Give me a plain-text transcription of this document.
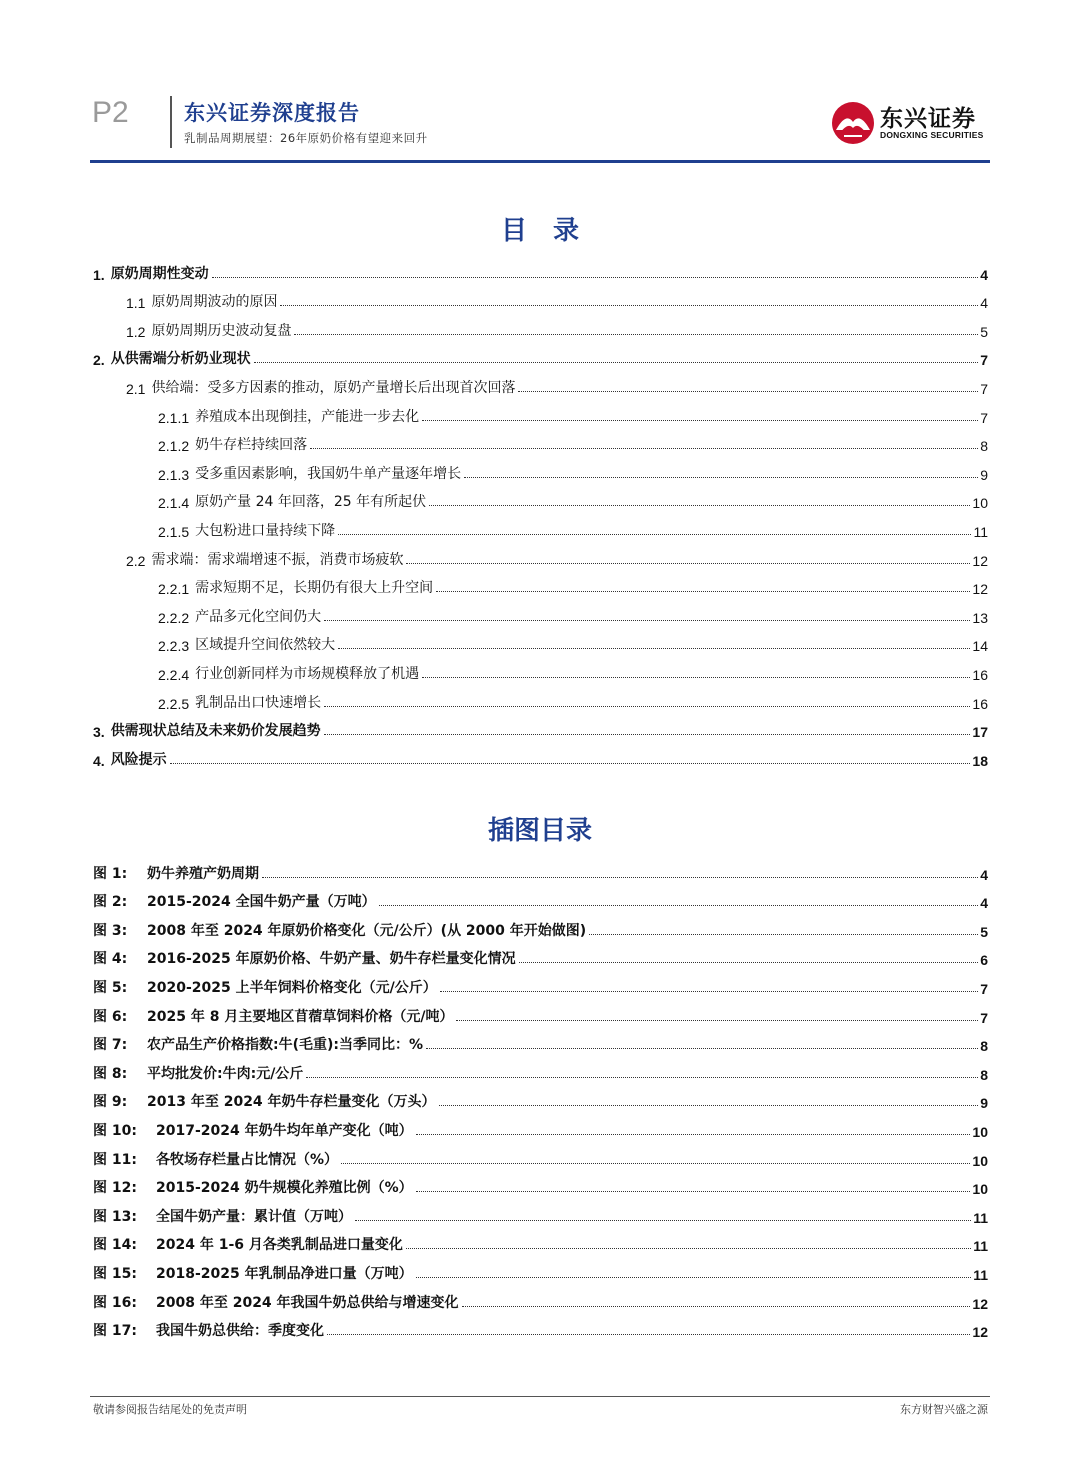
P2	东兴证券深度报告
乳制品周期展望：26年原奶价格有望迎来回升
东兴证券
DONGXING SECURITIES
目　录
1. 原奶周期性变动	4
1.1 原奶周期波动的原因	4
1.2 原奶周期历史波动复盘	5
2. 从供需端分析奶业现状	7
2.1 供给端：受多方因素的推动，原奶产量增长后出现首次回落	7
2.1.1 养殖成本出现倒挂，产能进一步去化	7
2.1.2 奶牛存栏持续回落	8
2.1.3 受多重因素影响，我国奶牛单产量逐年增长	9
2.1.4 原奶产量 24 年回落，25 年有所起伏	10
2.1.5 大包粉进口量持续下降	11
2.2 需求端：需求端增速不振，消费市场疲软	12
2.2.1 需求短期不足，长期仍有很大上升空间	12
2.2.2 产品多元化空间仍大	13
2.2.3 区域提升空间依然较大	14
2.2.4 行业创新同样为市场规模释放了机遇	16
2.2.5 乳制品出口快速增长	16
3. 供需现状总结及未来奶价发展趋势	17
4. 风险提示	18
插图目录
图 1:	奶牛养殖产奶周期	4
图 2:	2015-2024 全国牛奶产量（万吨）	4
图 3:	2008 年至 2024 年原奶价格变化（元/公斤）(从 2000 年开始做图)	5
图 4:	2016-2025 年原奶价格、牛奶产量、奶牛存栏量变化情况	6
图 5:	2020-2025 上半年饲料价格变化（元/公斤）	7
图 6:	2025 年 8 月主要地区苜蓿草饲料价格（元/吨）	7
图 7:	农产品生产价格指数:牛(毛重):当季同比：%	8
图 8:	平均批发价:牛肉:元/公斤	8
图 9:	2013 年至 2024 年奶牛存栏量变化（万头）	9
图 10:	2017-2024 年奶牛均年单产变化（吨）	10
图 11:	各牧场存栏量占比情况（%）	10
图 12:	2015-2024 奶牛规模化养殖比例（%）	10
图 13:	全国牛奶产量：累计值（万吨）	11
图 14:	2024 年 1-6 月各类乳制品进口量变化	11
图 15:	2018-2025 年乳制品净进口量（万吨）	11
图 16:	2008 年至 2024 年我国牛奶总供给与增速变化	12
图 17:	我国牛奶总供给：季度变化	12
敬请参阅报告结尾处的免责声明	东方财智兴盛之源
